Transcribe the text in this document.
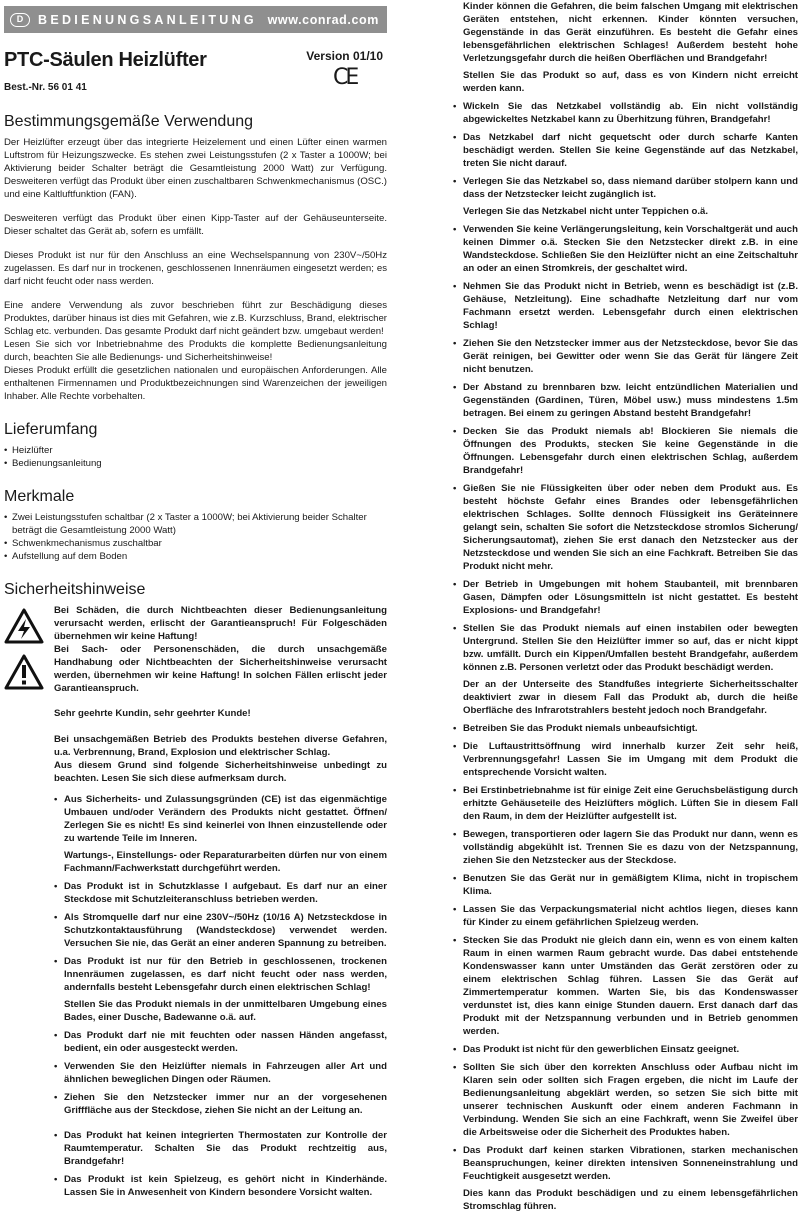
D	BEDIENUNGSANLEITUNG www.conrad.com
PTC-Säulen Heizlüfter	Version 01/10
CE
Best.-Nr. 56 01 41
Bestimmungsgemäße Verwendung

Der Heizlüfter erzeugt über das integrierte Heizelement und einen Lüfter einen warmen Luftstrom für Heizungszwecke. Es stehen zwei Leistungsstufen (2 x Taster a 1000W; bei Aktivierung beider Schalter beträgt die Gesamtleistung 2000 Watt) zur Verfügung. Desweiteren verfügt das Produkt über einen zuschaltbaren Schwenkmechanismus (OSC.) und eine Kaltluftfunktion (FAN).

Desweiteren verfügt das Produkt über einen Kipp-Taster auf der Gehäuseunterseite. Dieser schaltet das Gerät ab, sofern es umfällt.

Dieses Produkt ist nur für den Anschluss an eine Wechselspannung von 230V~/50Hz zugelassen. Es darf nur in trockenen, geschlossenen Innenräumen eingesetzt werden; es darf nicht feucht oder nass werden.

Eine andere Verwendung als zuvor beschrieben führt zur Beschädigung dieses Produktes, darüber hinaus ist dies mit Gefahren, wie z.B. Kurzschluss, Brand, elektrischer Schlag etc. verbunden. Das gesamte Produkt darf nicht geändert bzw. umgebaut werden!

Lesen Sie sich vor Inbetriebnahme des Produkts die komplette Bedienungsanleitung durch, beachten Sie alle Bedienungs- und Sicherheitshinweise!

Dieses Produkt erfüllt die gesetzlichen nationalen und europäischen Anforderungen. Alle enthaltenen Firmennamen und Produktbezeichnungen sind Warenzeichen der jeweiligen Inhaber. Alle Rechte vorbehalten.

Lieferumfang
• Heizlüfter
• Bedienungsanleitung
Merkmale
• Zwei Leistungsstufen schaltbar (2 x Taster a 1000W; bei Aktivierung beider Schalter beträgt die Gesamtleistung 2000 Watt)
• Schwenkmechanismus zuschaltbar
• Aufstellung auf dem Boden
Sicherheitshinweise

Bei Schäden, die durch Nichtbeachten dieser Bedienungsanleitung verursacht werden, erlischt der Garantieanspruch! Für Folgeschäden übernehmen wir keine Haftung!

Bei Sach- oder Personenschäden, die durch unsachgemäße Handhabung oder Nichtbeachten der Sicherheitshinweise verursacht werden, übernehmen wir keine Haftung! In solchen Fällen erlischt jeder Garantieanspruch.

Sehr geehrte Kundin, sehr geehrter Kunde!

Bei unsachgemäßen Betrieb des Produkts bestehen diverse Gefahren, u.a. Verbrennung, Brand, Explosion und elektrischer Schlag.

Aus diesem Grund sind folgende Sicherheitshinweise unbedingt zu beachten. Lesen Sie sich diese aufmerksam durch.

• Aus Sicherheits- und Zulassungsgründen (CE) ist das eigenmächtige Umbauen und/oder Verändern des Produkts nicht gestattet. Öffnen/ Zerlegen Sie es nicht! Es sind keinerlei von Ihnen einzustellende oder zu wartende Teile im Inneren.
Wartungs-, Einstellungs- oder Reparaturarbeiten dürfen nur von einem Fachmann/Fachwerkstatt durchgeführt werden.
• Das Produkt ist in Schutzklasse I aufgebaut. Es darf nur an einer Steckdose mit Schutzleiteranschluss betrieben werden.
• Als Stromquelle darf nur eine 230V~/50Hz (10/16 A) Netzsteckdose in Schutzkontaktausführung (Wandsteckdose) verwendet werden. Versuchen Sie nie, das Gerät an einer anderen Spannung zu betreiben.
• Das Produkt ist nur für den Betrieb in geschlossenen, trockenen Innenräumen zugelassen, es darf nicht feucht oder nass werden, andernfalls besteht Lebensgefahr durch einen elektrischen Schlag!
Stellen Sie das Produkt niemals in der unmittelbaren Umgebung eines Bades, einer Dusche, Badewanne o.ä. auf.
• Das Produkt darf nie mit feuchten oder nassen Händen angefasst, bedient, ein oder ausgesteckt werden.
• Verwenden Sie den Heizlüfter niemals in Fahrzeugen aller Art und ähnlichen beweglichen Dingen oder Räumen.
• Ziehen Sie den Netzstecker immer nur an der vorgesehenen Grifffläche aus der Steckdose, ziehen Sie nicht an der Leitung an.
• Das Produkt hat keinen integrierten Thermostaten zur Kontrolle der Raumtemperatur. Schalten Sie das Produkt rechtzeitig aus, Brandgefahr!
• Das Produkt ist kein Spielzeug, es gehört nicht in Kinderhände. Lassen Sie in Anwesenheit von Kindern besondere Vorsicht walten.

Kinder können die Gefahren, die beim falschen Umgang mit elektrischen Geräten entstehen, nicht erkennen. Kinder könnten versuchen, Gegenstände in das Gerät einzuführen. Es besteht die Gefahr eines lebensgefährlichen elektrischen Schlages! Außerdem besteht hohe Verletzungsgefahr durch die heißen Oberflächen und Brandgefahr!

Stellen Sie das Produkt so auf, dass es von Kindern nicht erreicht werden kann.

• Wickeln Sie das Netzkabel vollständig ab. Ein nicht vollständig abgewickeltes Netzkabel kann zu Überhitzung führen, Brandgefahr!
• Das Netzkabel darf nicht gequetscht oder durch scharfe Kanten beschädigt werden. Stellen Sie keine Gegenstände auf das Netzkabel, treten Sie nicht darauf.
• Verlegen Sie das Netzkabel so, dass niemand darüber stolpern kann und dass der Netzstecker leicht zugänglich ist.
Verlegen Sie das Netzkabel nicht unter Teppichen o.ä.
• Verwenden Sie keine Verlängerungsleitung, kein Vorschaltgerät und auch keinen Dimmer o.ä. Stecken Sie den Netzstecker direkt z.B. in eine Wandsteckdose. Schließen Sie den Heizlüfter nicht an eine Zeitschaltuhr an oder an einen Stromkreis, der geschaltet wird.
• Nehmen Sie das Produkt nicht in Betrieb, wenn es beschädigt ist (z.B. Gehäuse, Netzleitung). Eine schadhafte Netzleitung darf nur vom Fachmann ersetzt werden. Lebensgefahr durch einen elektrischen Schlag!
• Ziehen Sie den Netzstecker immer aus der Netzsteckdose, bevor Sie das Gerät reinigen, bei Gewitter oder wenn Sie das Gerät für längere Zeit nicht benutzen.
• Der Abstand zu brennbaren bzw. leicht entzündlichen Materialien und Gegenständen (Gardinen, Türen, Möbel usw.) muss mindestens 1.5m betragen. Bei einem zu geringen Abstand besteht Brandgefahr!
• Decken Sie das Produkt niemals ab! Blockieren Sie niemals die Öffnungen des Produkts, stecken Sie keine Gegenstände in die Öffnungen. Lebensgefahr durch einen elektrischen Schlag, außerdem Brandgefahr!
• Gießen Sie nie Flüssigkeiten über oder neben dem Produkt aus. Es besteht höchste Gefahr eines Brandes oder lebensgefährlichen elektrischen Schlages. Sollte dennoch Flüssigkeit ins Geräteinnere gelangt sein, schalten Sie sofort die Netzsteckdose stromlos Sicherung/ Sicherungsautomat), ziehen Sie erst danach den Netzstecker aus der Netzsteckdose und wenden Sie sich an eine Fachkraft. Betreiben Sie das Produkt nicht mehr.
• Der Betrieb in Umgebungen mit hohem Staubanteil, mit brennbaren Gasen, Dämpfen oder Lösungsmitteln ist nicht gestattet. Es besteht Explosions- und Brandgefahr!
• Stellen Sie das Produkt niemals auf einen instabilen oder bewegten Untergrund. Stellen Sie den Heizlüfter immer so auf, das er nicht kippt bzw. umfällt. Durch ein Kippen/Umfallen besteht Brandgefahr, außerdem können z.B. Personen verletzt oder das Produkt beschädigt werden.
Der an der Unterseite des Standfußes integrierte Sicherheitsschalter deaktiviert zwar in diesem Fall das Produkt ab, durch die heiße Oberfläche des Infrarotstrahlers besteht jedoch noch Brandgefahr.
• Betreiben Sie das Produkt niemals unbeaufsichtigt.
• Die Luftaustrittsöffnung wird innerhalb kurzer Zeit sehr heiß, Verbrennungsgefahr! Lassen Sie im Umgang mit dem Produkt die entsprechende Vorsicht walten.
• Bei Erstinbetriebnahme ist für einige Zeit eine Geruchsbelästigung durch erhitzte Gehäuseteile des Heizlüfters möglich. Lüften Sie in diesem Fall den Raum, in dem der Heizlüfter aufgestellt ist.
• Bewegen, transportieren oder lagern Sie das Produkt nur dann, wenn es vollständig abgekühlt ist. Trennen Sie es dazu von der Netzspannung, ziehen Sie den Netzstecker aus der Steckdose.
• Benutzen Sie das Gerät nur in gemäßigtem Klima, nicht in tropischem Klima.
• Lassen Sie das Verpackungsmaterial nicht achtlos liegen, dieses kann für Kinder zu einem gefährlichen Spielzeug werden.
• Stecken Sie das Produkt nie gleich dann ein, wenn es von einem kalten Raum in einen warmen Raum gebracht wurde. Das dabei entstehende Kondenswasser kann unter Umständen das Gerät zerstören oder zu einem elektrischen Schlag führen. Lassen Sie das Gerät auf Zimmertemperatur kommen. Warten Sie, bis das Kondenswasser verdunstet ist, dies kann einige Stunden dauern. Erst danach darf das Produkt mit der Netzspannung verbunden und in Betrieb genommen werden.
• Das Produkt ist nicht für den gewerblichen Einsatz geeignet.
• Sollten Sie sich über den korrekten Anschluss oder Aufbau nicht im Klaren sein oder sollten sich Fragen ergeben, die nicht im Laufe der Bedienungsanleitung abgeklärt werden, so setzen Sie sich bitte mit unserer technischen Auskunft oder einem anderen Fachmann in Verbindung. Wenden Sie sich an eine Fachkraft, wenn Sie Zweifel über die Arbeitsweise oder die Sicherheit des Produktes haben.
• Das Produkt darf keinen starken Vibrationen, starken mechanischen Beanspruchungen, keiner direkten intensiven Sonneneinstrahlung und Feuchtigkeit ausgesetzt werden.
Dies kann das Produkt beschädigen und zu einem lebensgefährlichen Stromschlag führen.
